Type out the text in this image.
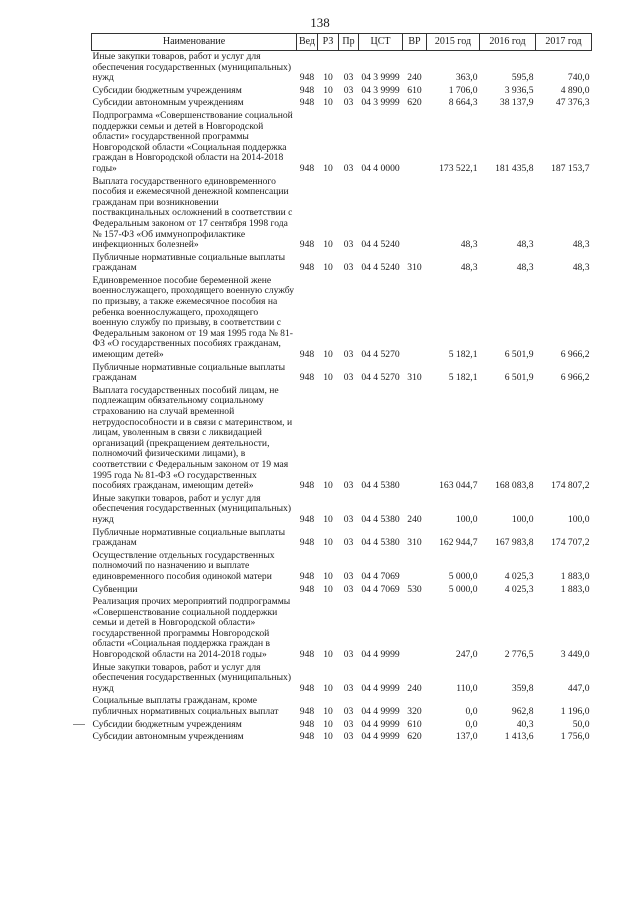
138
Наименование	Вед	РЗ	Пр	ЦСТ	ВР	2015 год	2016 год	2017 год
Иные закупки товаров, работ и услуг для обеспечения государственных (муниципальных) нужд	948	10	03	04 3 9999	240	363,0	595,8	740,0
Субсидии бюджетным учреждениям	948	10	03	04 3 9999	610	1 706,0	3 936,5	4 890,0
Субсидии автономным учреждениям	948	10	03	04 3 9999	620	8 664,3	38 137,9	47 376,3
Подпрограмма «Совершенствование социальной поддержки семьи и детей в Новгородской области» государственной программы Новгородской области «Социальная поддержка граждан в Новгородской области на 2014-2018 годы»	948	10	03	04 4 0000		173 522,1	181 435,8	187 153,7
Выплата государственного единовременного пособия и ежемесячной денежной компенсации гражданам при возникновении поствакцинальных осложнений в соответствии с Федеральным законом от 17 сентября 1998 года № 157-ФЗ «Об иммунопрофилактике инфекционных болезней»	948	10	03	04 4 5240		48,3	48,3	48,3
Публичные нормативные социальные выплаты гражданам	948	10	03	04 4 5240	310	48,3	48,3	48,3
Единовременное пособие беременной жене военнослужащего, проходящего военную службу по призыву, а также ежемесячное пособия на ребенка военнослужащего, проходящего военную службу по призыву, в соответствии с Федеральным законом от 19 мая 1995 года № 81-ФЗ «О государственных пособиях гражданам, имеющим детей»	948	10	03	04 4 5270		5 182,1	6 501,9	6 966,2
Публичные нормативные социальные выплаты гражданам	948	10	03	04 4 5270	310	5 182,1	6 501,9	6 966,2
Выплата государственных пособий лицам, не подлежащим обязательному социальному страхованию на случай временной нетрудоспособности и в связи с материнством, и лицам, уволенным в связи с ликвидацией организаций (прекращением деятельности, полномочий физическими лицами), в соответствии с Федеральным законом от 19 мая 1995 года № 81-ФЗ «О государственных пособиях гражданам, имеющим детей»	948	10	03	04 4 5380		163 044,7	168 083,8	174 807,2
Иные закупки товаров, работ и услуг для обеспечения государственных (муниципальных) нужд	948	10	03	04 4 5380	240	100,0	100,0	100,0
Публичные нормативные социальные выплаты гражданам	948	10	03	04 4 5380	310	162 944,7	167 983,8	174 707,2
Осуществление отдельных государственных полномочий по назначению и выплате единовременного пособия одинокой матери	948	10	03	04 4 7069		5 000,0	4 025,3	1 883,0
Субвенции	948	10	03	04 4 7069	530	5 000,0	4 025,3	1 883,0
Реализация прочих мероприятий подпрограммы «Совершенствование социальной поддержки семьи и детей в Новгородской области» государственной программы Новгородской области «Социальная поддержка граждан в Новгородской области на 2014-2018 годы»	948	10	03	04 4 9999		247,0	2 776,5	3 449,0
Иные закупки товаров, работ и услуг для обеспечения государственных (муниципальных) нужд	948	10	03	04 4 9999	240	110,0	359,8	447,0
Социальные выплаты гражданам, кроме публичных нормативных социальных выплат	948	10	03	04 4 9999	320	0,0	962,8	1 196,0
Субсидии бюджетным учреждениям	948	10	03	04 4 9999	610	0,0	40,3	50,0
Субсидии автономным учреждениям	948	10	03	04 4 9999	620	137,0	1 413,6	1 756,0
